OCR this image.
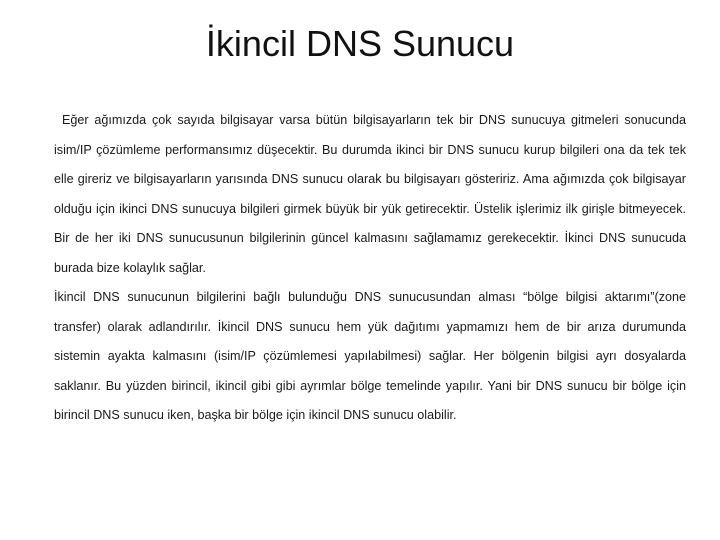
İkincil DNS Sunucu

Eğer ağımızda çok sayıda bilgisayar varsa bütün bilgisayarların tek bir DNS sunucuya gitmeleri sonucunda isim/IP çözümleme performansımız düşecektir. Bu durumda ikinci bir DNS sunucu kurup bilgileri ona da tek tek elle gireriz ve bilgisayarların yarısında DNS sunucu olarak bu bilgisayarı gösteririz. Ama ağımızda çok bilgisayar olduğu için ikinci DNS sunucuya bilgileri girmek büyük bir yük getirecektir. Üstelik işlerimiz ilk girişle bitmeyecek. Bir de her iki DNS sunucusunun bilgilerinin güncel kalmasını sağlamamız gerekecektir. İkinci DNS sunucuda burada bize kolaylık sağlar.

İkincil DNS sunucunun bilgilerini bağlı bulunduğu DNS sunucusundan alması “bölge bilgisi aktarımı”(zone transfer) olarak adlandırılır. İkincil DNS sunucu hem yük dağıtımı yapmamızı hem de bir arıza durumunda sistemin ayakta kalmasını (isim/IP çözümlemesi yapılabilmesi) sağlar. Her bölgenin bilgisi ayrı dosyalarda saklanır. Bu yüzden birincil, ikincil gibi gibi ayrımlar bölge temelinde yapılır. Yani bir DNS sunucu bir bölge için birincil DNS sunucu iken, başka bir bölge için ikincil DNS sunucu olabilir.
